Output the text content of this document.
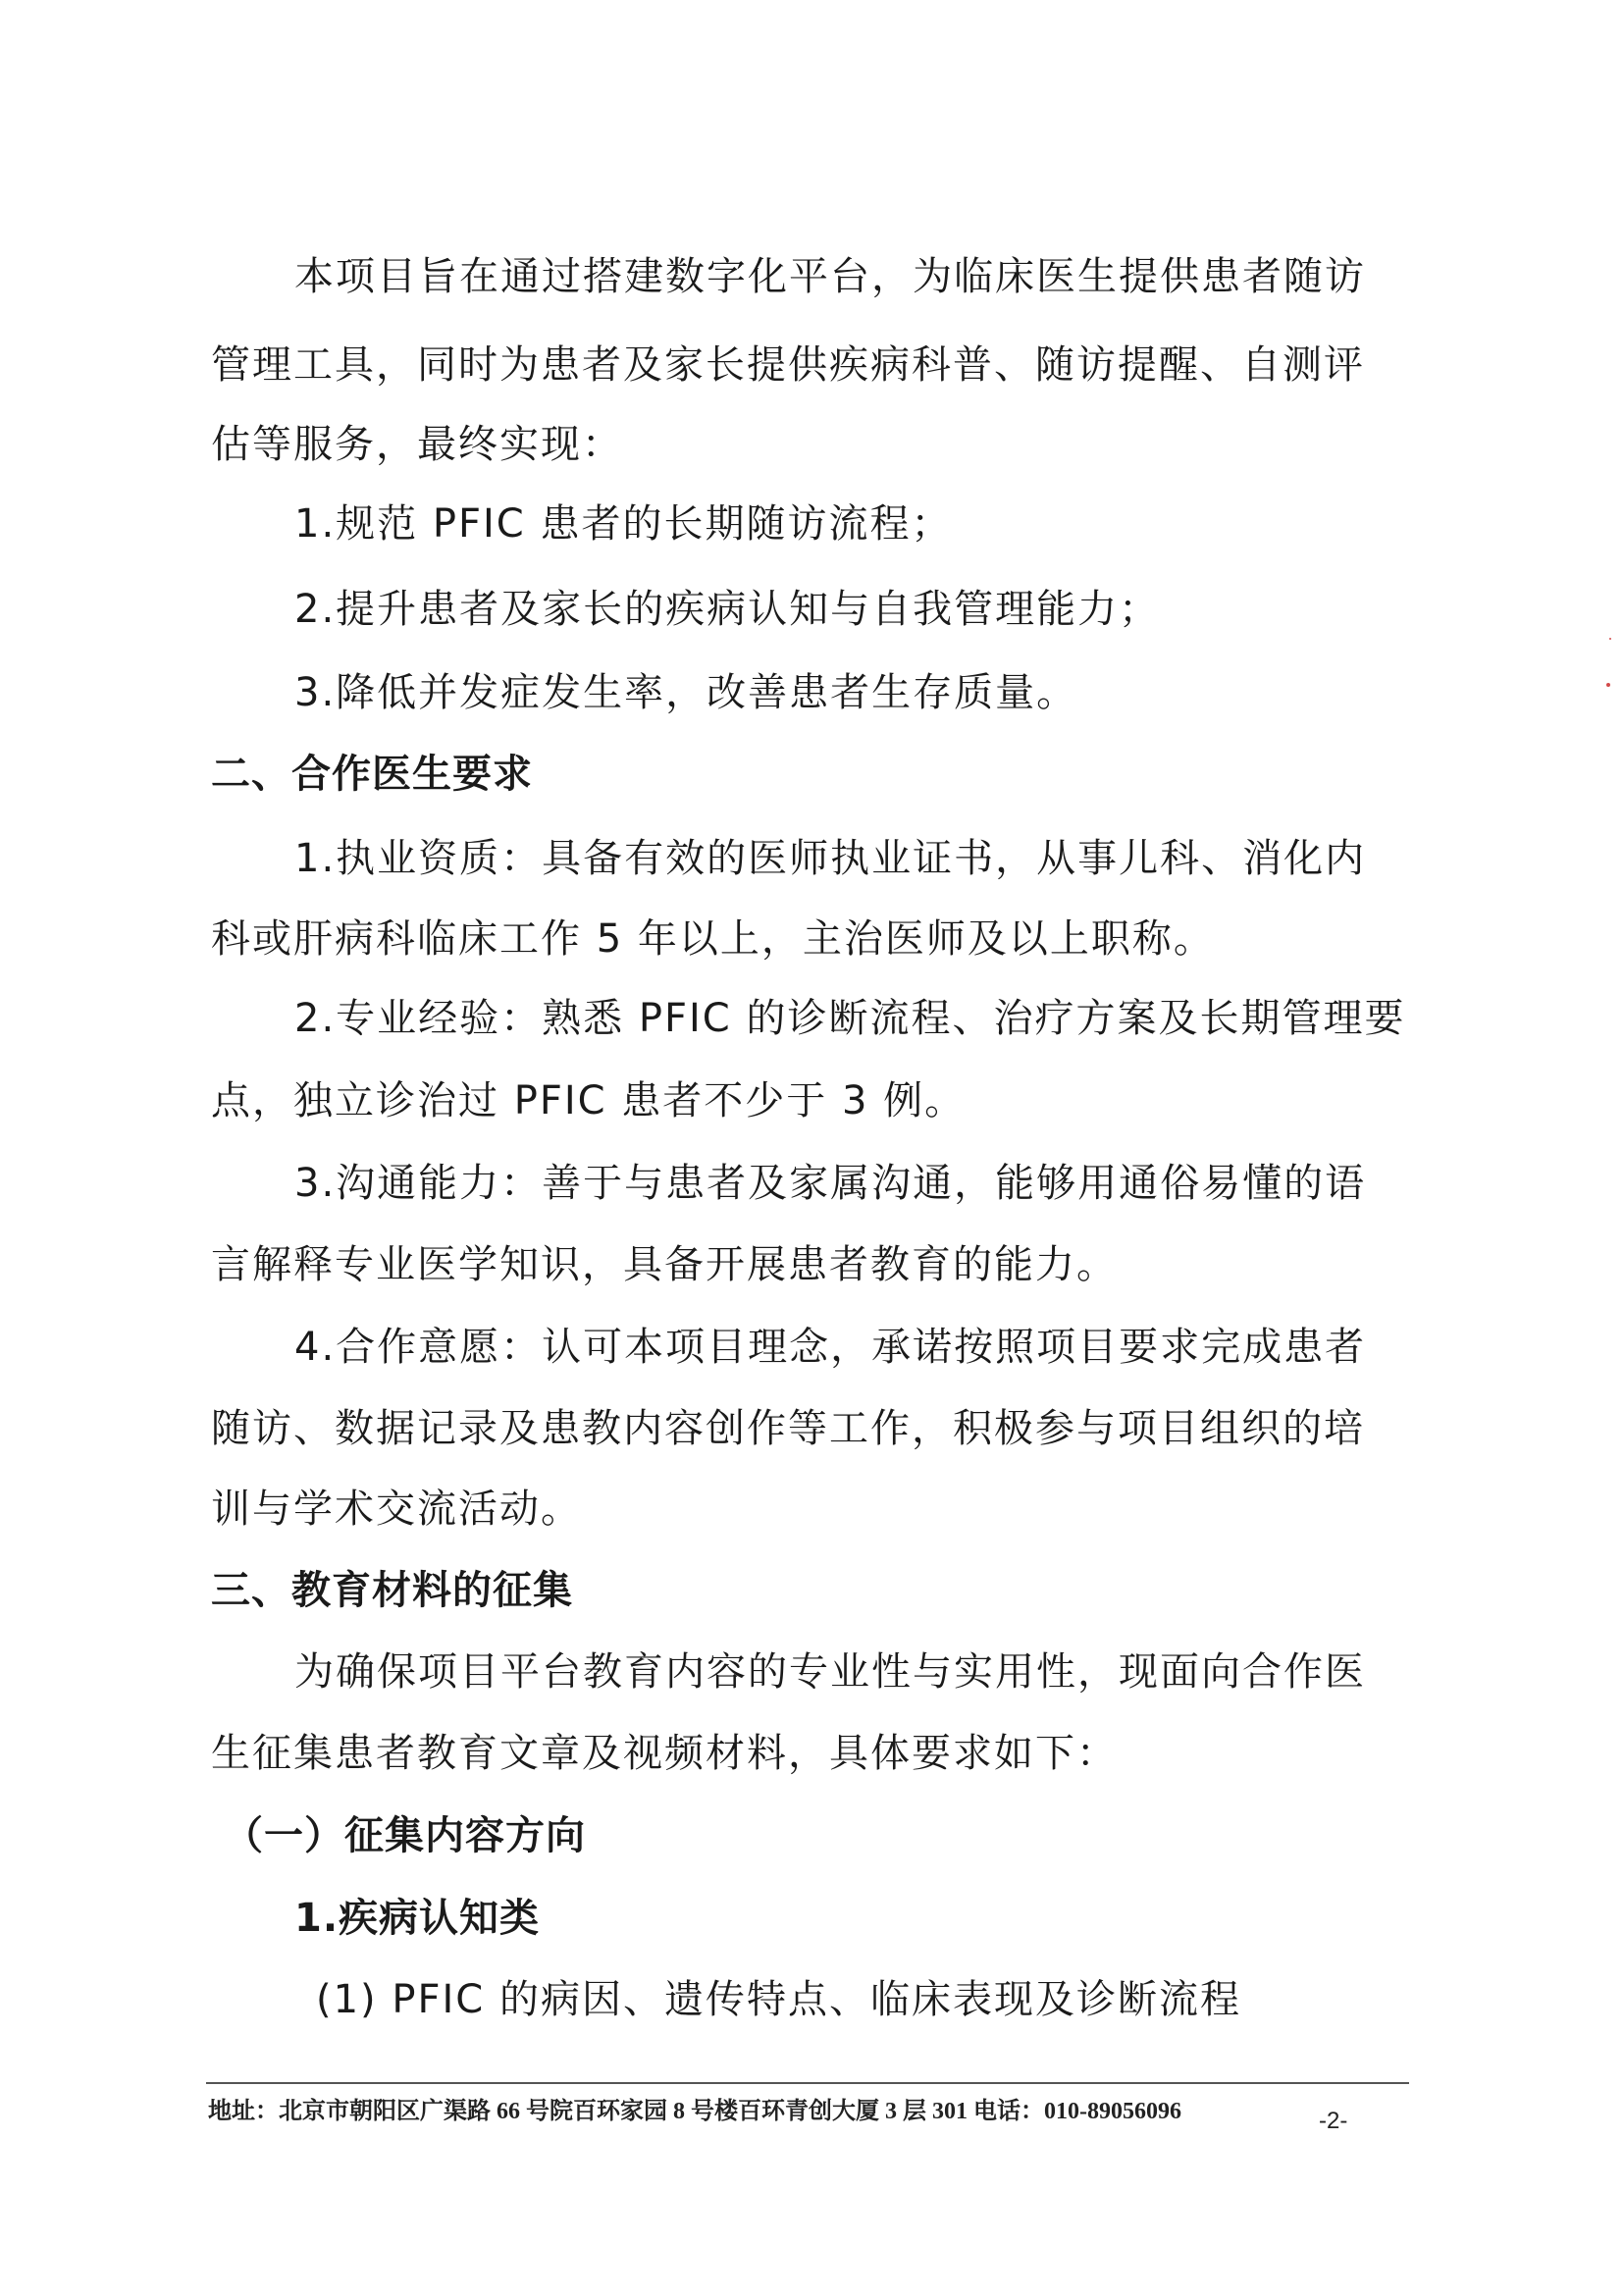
本项目旨在通过搭建数字化平台，为临床医生提供患者随访
管理工具，同时为患者及家长提供疾病科普、随访提醒、自测评
估等服务，最终实现：
1.规范 PFIC 患者的长期随访流程；
2.提升患者及家长的疾病认知与自我管理能力；
3.降低并发症发生率，改善患者生存质量。
二、合作医生要求
1.执业资质：具备有效的医师执业证书，从事儿科、消化内
科或肝病科临床工作 5 年以上，主治医师及以上职称。
2.专业经验：熟悉 PFIC 的诊断流程、治疗方案及长期管理要
点，独立诊治过 PFIC 患者不少于 3 例。
3.沟通能力：善于与患者及家属沟通，能够用通俗易懂的语
言解释专业医学知识，具备开展患者教育的能力。
4.合作意愿：认可本项目理念，承诺按照项目要求完成患者
随访、数据记录及患教内容创作等工作，积极参与项目组织的培
训与学术交流活动。
三、教育材料的征集
为确保项目平台教育内容的专业性与实用性，现面向合作医
生征集患者教育文章及视频材料，具体要求如下：
（一）征集内容方向
1.疾病认知类
(1) PFIC 的病因、遗传特点、临床表现及诊断流程
地址：北京市朝阳区广渠路 66 号院百环家园 8 号楼百环青创大厦 3 层 301 电话：010-89056096	-2-
